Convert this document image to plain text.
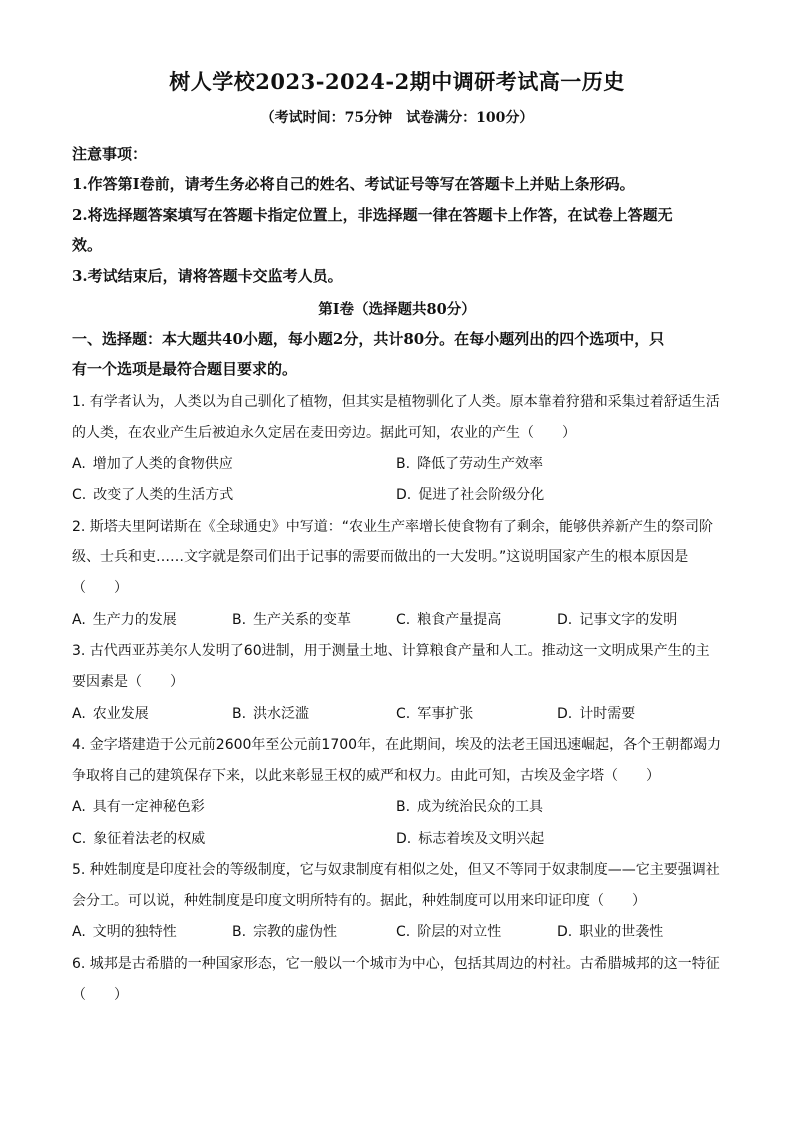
树人学校2023-2024-2期中调研考试高一历史
（考试时间：75分钟　试卷满分：100分）
注意事项：
1.作答第Ⅰ卷前，请考生务必将自己的姓名、考试证号等写在答题卡上并贴上条形码。
2.将选择题答案填写在答题卡指定位置上，非选择题一律在答题卡上作答，在试卷上答题无
效。
3.考试结束后，请将答题卡交监考人员。
第Ⅰ卷（选择题共80分）
一、选择题：本大题共40小题，每小题2分，共计80分。在每小题列出的四个选项中，只
有一个选项是最符合题目要求的。
1. 有学者认为，人类以为自己驯化了植物，但其实是植物驯化了人类。原本靠着狩猎和采集过着舒适生活
的人类，在农业产生后被迫永久定居在麦田旁边。据此可知，农业的产生（　　）
A. 增加了人类的食物供应	B. 降低了劳动生产效率
C. 改变了人类的生活方式	D. 促进了社会阶级分化
2. 斯塔夫里阿诺斯在《全球通史》中写道：“农业生产率增长使食物有了剩余，能够供养新产生的祭司阶
级、士兵和吏……文字就是祭司们出于记事的需要而做出的一大发明。”这说明国家产生的根本原因是
（　　）
A. 生产力的发展	B. 生产关系的变革	C. 粮食产量提高	D. 记事文字的发明
3. 古代西亚苏美尔人发明了60进制，用于测量土地、计算粮食产量和人工。推动这一文明成果产生的主
要因素是（　　）
A. 农业发展	B. 洪水泛滥	C. 军事扩张	D. 计时需要
4. 金字塔建造于公元前2600年至公元前1700年，在此期间，埃及的法老王国迅速崛起，各个王朝都竭力
争取将自己的建筑保存下来，以此来彰显王权的威严和权力。由此可知，古埃及金字塔（　　）
A. 具有一定神秘色彩	B. 成为统治民众的工具
C. 象征着法老的权威	D. 标志着埃及文明兴起
5. 种姓制度是印度社会的等级制度，它与奴隶制度有相似之处，但又不等同于奴隶制度——它主要强调社
会分工。可以说，种姓制度是印度文明所特有的。据此，种姓制度可以用来印证印度（　　）
A. 文明的独特性	B. 宗教的虚伪性	C. 阶层的对立性	D. 职业的世袭性
6. 城邦是古希腊的一种国家形态，它一般以一个城市为中心，包括其周边的村社。古希腊城邦的这一特征
（　　）
